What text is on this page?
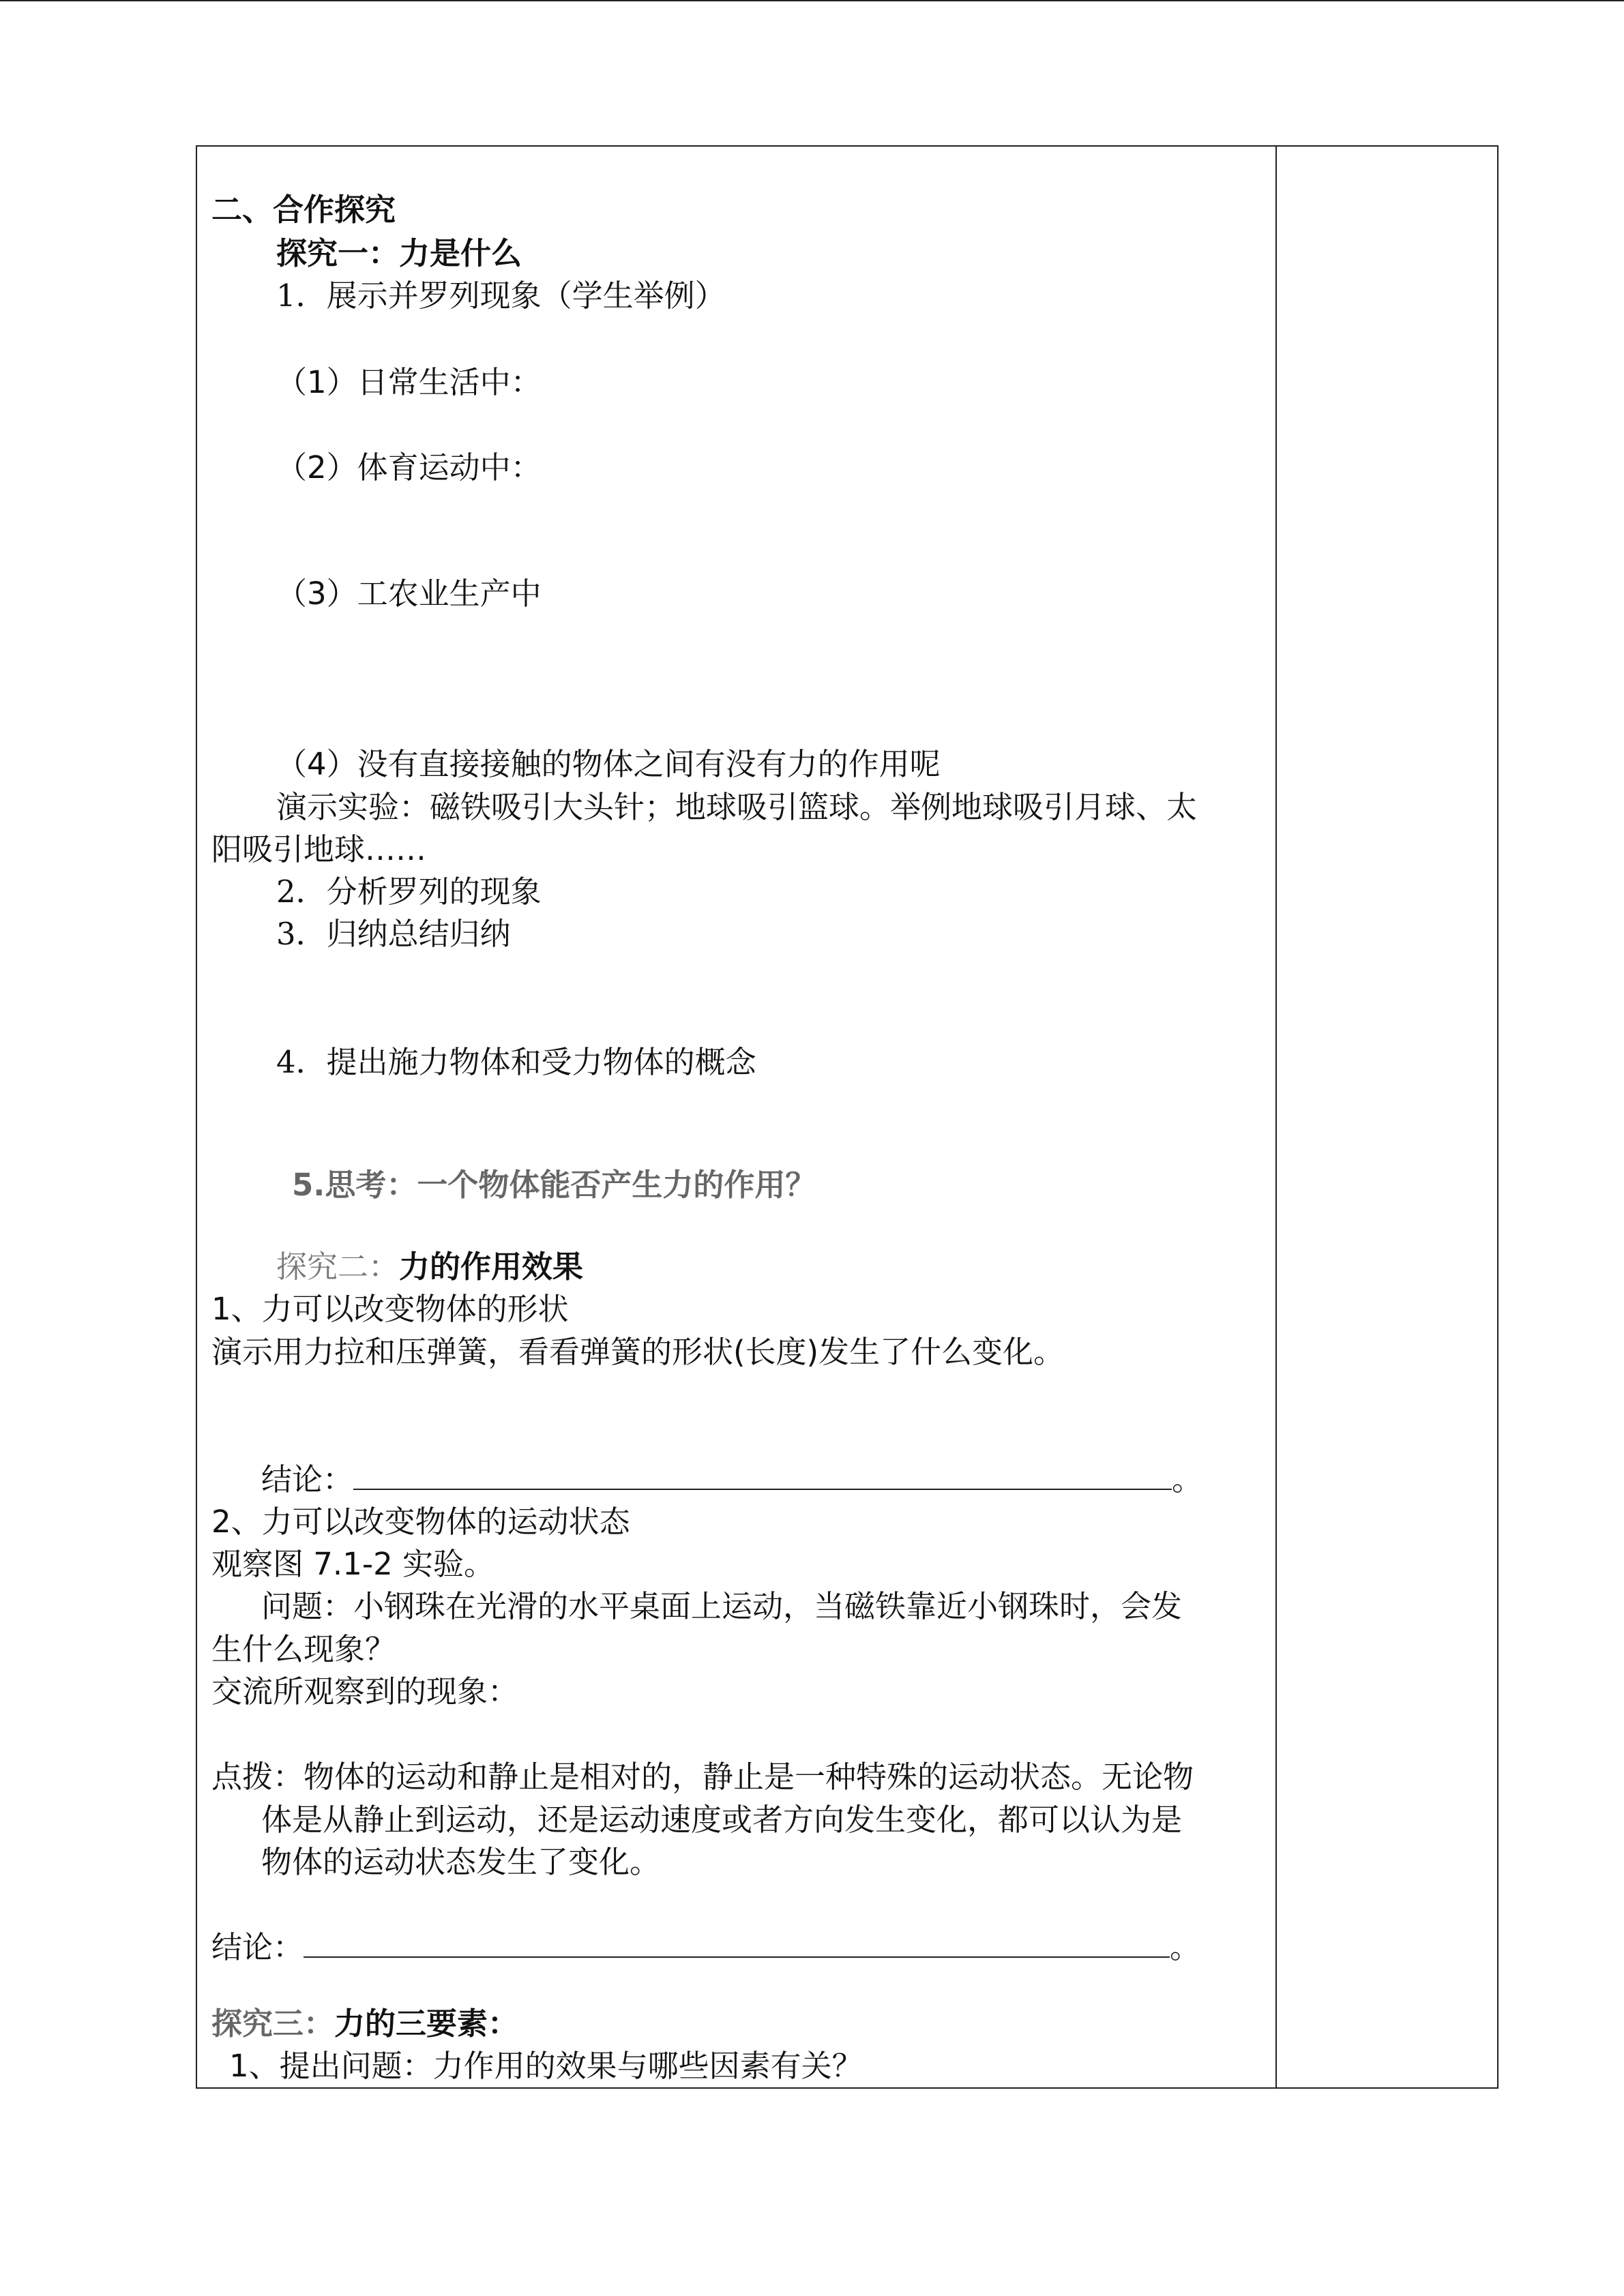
二、合作探究
探究一：力是什么
1．展示并罗列现象（学生举例）
（1）日常生活中：
（2）体育运动中：
（3）工农业生产中
（4）没有直接接触的物体之间有没有力的作用呢
演示实验：磁铁吸引大头针；地球吸引篮球。举例地球吸引月球、太
阳吸引地球……
2．分析罗列的现象
3．归纳总结归纳
4．提出施力物体和受力物体的概念
5.思考：一个物体能否产生力的作用？
探究二：力的作用效果
1、力可以改变物体的形状
演示用力拉和压弹簧，看看弹簧的形状(长度)发生了什么变化。
结论：	。
2、力可以改变物体的运动状态
观察图 7.1-2 实验。
问题：小钢珠在光滑的水平桌面上运动，当磁铁靠近小钢珠时，会发
生什么现象？
交流所观察到的现象：
点拨：物体的运动和静止是相对的，静止是一种特殊的运动状态。无论物
体是从静止到运动，还是运动速度或者方向发生变化，都可以认为是
物体的运动状态发生了变化。
结论：	。
探究三：力的三要素：
1、提出问题：力作用的效果与哪些因素有关？
